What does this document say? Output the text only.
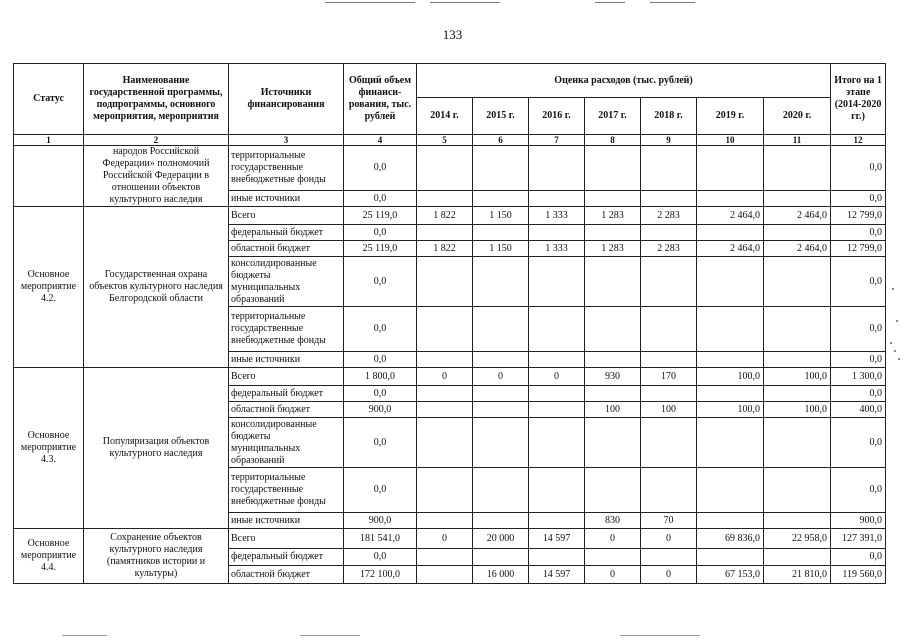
133
Статус	Наименование государственной программы, подпрограммы, основного мероприятия, мероприятия	Источники финансирования	Общий объем финанси-рования, тыс. рублей	Оценка расходов (тыс. рублей)							Итого на 1 этапе (2014-2020 гг.)
				2014 г.	2015 г.	2016 г.	2017 г.	2018 г.	2019 г.	2020 г.	
1	2	3	4	5	6	7	8	9	10	11	12
	народов Российской Федерации» полномочий Российской Федерации в отношении объектов культурного наследия	территориальные государственные внебюджетные фонды	0,0								0,0
		иные источники	0,0								0,0
Основное мероприятие 4.2.	Государственная охрана объектов культурного наследия Белгородской области	Всего	25 119,0	1 822	1 150	1 333	1 283	2 283	2 464,0	2 464,0	12 799,0
		федеральный бюджет	0,0								0,0
		областной бюджет	25 119,0	1 822	1 150	1 333	1 283	2 283	2 464,0	2 464,0	12 799,0
		консолидированные бюджеты муниципальных образований	0,0								0,0
		территориальные государственные внебюджетные фонды	0,0								0,0
		иные источники	0,0								0,0
Основное мероприятие 4.3.	Популяризация объектов культурного наследия	Всего	1 800,0	0	0	0	930	170	100,0	100,0	1 300,0
		федеральный бюджет	0,0								0,0
		областной бюджет	900,0				100	100	100,0	100,0	400,0
		консолидированные бюджеты муниципальных образований	0,0								0,0
		территориальные государственные внебюджетные фонды	0,0								0,0
		иные источники	900,0				830	70			900,0
Основное мероприятие 4.4.	Сохранение объектов культурного наследия (памятников истории и культуры)	Всего	181 541,0	0	20 000	14 597	0	0	69 836,0	22 958,0	127 391,0
		федеральный бюджет	0,0								0,0
		областной бюджет	172 100,0		16 000	14 597	0	0	67 153,0	21 810,0	119 560,0
